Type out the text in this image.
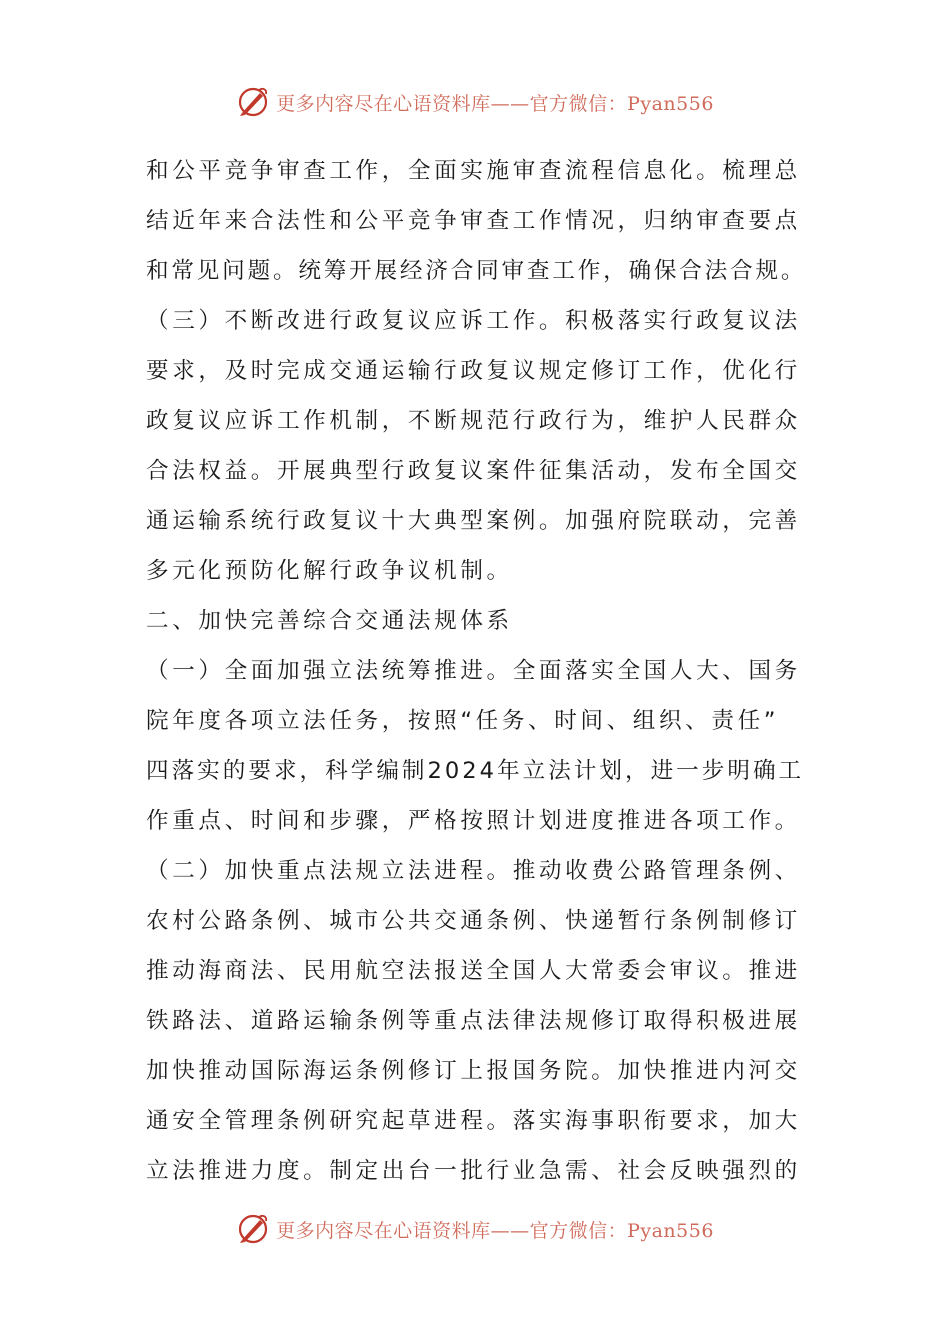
更多内容尽在心语资料库——官方微信：Pyan556
和公平竞争审查工作，全面实施审查流程信息化。梳理总
结近年来合法性和公平竞争审查工作情况，归纳审查要点
和常见问题。统筹开展经济合同审查工作，确保合法合规。
（三）不断改进行政复议应诉工作。积极落实行政复议法
要求，及时完成交通运输行政复议规定修订工作，优化行
政复议应诉工作机制，不断规范行政行为，维护人民群众
合法权益。开展典型行政复议案件征集活动，发布全国交
通运输系统行政复议十大典型案例。加强府院联动，完善
多元化预防化解行政争议机制。
二、加快完善综合交通法规体系
（一）全面加强立法统筹推进。全面落实全国人大、国务
院年度各项立法任务，按照“任务、时间、组织、责任”
四落实的要求，科学编制2024年立法计划，进一步明确工
作重点、时间和步骤，严格按照计划进度推进各项工作。
（二）加快重点法规立法进程。推动收费公路管理条例、
农村公路条例、城市公共交通条例、快递暂行条例制修订
推动海商法、民用航空法报送全国人大常委会审议。推进
铁路法、道路运输条例等重点法律法规修订取得积极进展
加快推动国际海运条例修订上报国务院。加快推进内河交
通安全管理条例研究起草进程。落实海事职衔要求，加大
立法推进力度。制定出台一批行业急需、社会反映强烈的
更多内容尽在心语资料库——官方微信：Pyan556
